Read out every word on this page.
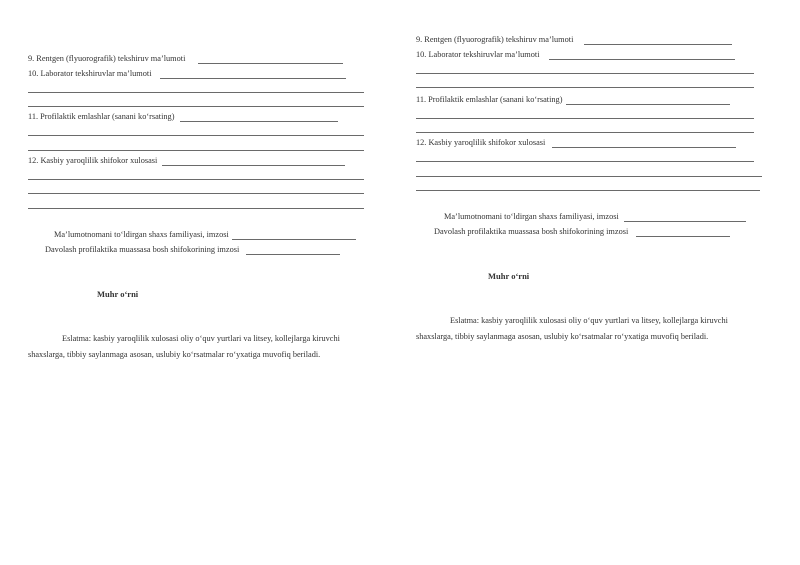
9. Rentgen (flyuorografik) tekshiruv ma’lumoti
10. Laborator tekshiruvlar ma’lumoti
11. Profilaktik emlashlar (sanani ko‘rsating)
12. Kasbiy yaroqlilik shifokor xulosasi
Ma’lumotnomani to‘ldirgan shaxs familiyasi, imzosi
Davolash profilaktika muassasa bosh shifokorining imzosi
Muhr o‘rni

Eslatma: kasbiy yaroqlilik xulosasi oliy o‘quv yurtlari va litsey, kollejlarga kiruvchi

shaxslarga, tibbiy saylanmaga asosan, uslubiy ko‘rsatmalar ro‘yxatiga muvofiq beriladi.

9. Rentgen (flyuorografik) tekshiruv ma’lumoti
10. Laborator tekshiruvlar ma’lumoti
11. Profilaktik emlashlar (sanani ko‘rsating)
12. Kasbiy yaroqlilik shifokor xulosasi
Ma’lumotnomani to‘ldirgan shaxs familiyasi, imzosi
Davolash profilaktika muassasa bosh shifokorining imzosi
Muhr o‘rni

Eslatma: kasbiy yaroqlilik xulosasi oliy o‘quv yurtlari va litsey, kollejlarga kiruvchi

shaxslarga, tibbiy saylanmaga asosan, uslubiy ko‘rsatmalar ro‘yxatiga muvofiq beriladi.
